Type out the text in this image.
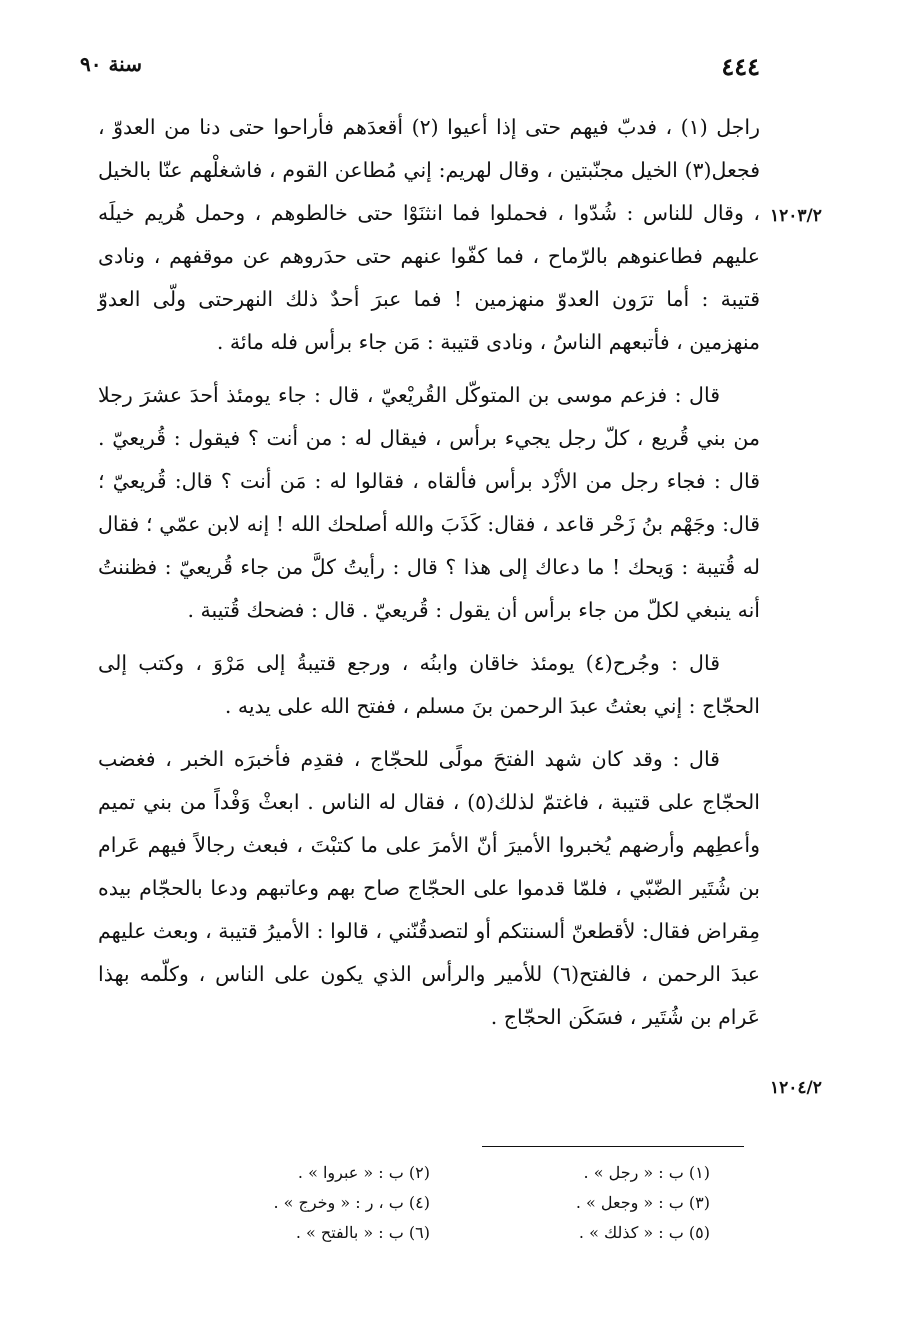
٤٤٤
سنة ٩٠

راجل (١) ، فدبّ فيهم حتى إذا أعيوا (٢) أقعدَهم فأراحوا حتى دنا من العدوّ ، فجعل(٣) الخيل مجنّبتين ، وقال لهريم: إني مُطاعن القوم ، فاشغلْهم عنّا بالخيل ، وقال للناس : شُدّوا ، فحملوا فما انثنَوْا حتى خالطوهم ، وحمل هُريم خيلَه عليهم فطاعنوهم بالرّماح ، فما كفّوا عنهم حتى حدَروهم عن موقفهم ، ونادى قتيبة : أما ترَون العدوّ منهزمين ! فما عبرَ أحدٌ ذلك النهرحتى ولّى العدوّ منهزمين ، فأتبعهم الناسُ ، ونادى قتيبة : مَن جاء برأس فله مائة .

قال : فزعم موسى بن المتوكّل القُريْعيّ ، قال : جاء يومئذ أحدَ عشرَ رجلا من بني قُريع ، كلّ رجل يجيء برأس ، فيقال له : من أنت ؟ فيقول : قُريعيّ . قال : فجاء رجل من الأزْد برأس فألقاه ، فقالوا له : مَن أنت ؟ قال: قُريعيّ ؛ قال: وجَهْم بنُ زَحْر قاعد ، فقال: كَذَبَ والله أصلحك الله ! إنه لابن عمّي ؛ فقال له قُتيبة : وَيحك ! ما دعاك إلى هذا ؟ قال : رأيتُ كلَّ من جاء قُريعيّ : فظننتُ أنه ينبغي لكلّ من جاء برأس أن يقول : قُريعيّ . قال : فضحك قُتيبة .

قال : وجُرح(٤) يومئذ خاقان وابنُه ، ورجع قتيبةُ إلى مَرْوَ ، وكتب إلى الحجّاج : إني بعثتُ عبدَ الرحمن بنَ مسلم ، ففتح الله على يديه .

قال : وقد كان شهد الفتحَ مولًى للحجّاج ، فقدِم فأخبرَه الخبر ، فغضب الحجّاج على قتيبة ، فاغتمّ لذلك(٥) ، فقال له الناس . ابعثْ وَفْداً من بني تميم وأعطِهم وأرضهم يُخبروا الأميرَ أنّ الأمرَ على ما كتبْتَ ، فبعث رجالاً فيهم عَرام بن شُتَير الضّبّي ، فلمّا قدموا على الحجّاج صاح بهم وعاتبهم ودعا بالحجّام بيده مِقراض فقال: لأقطعنّ ألسنتكم أو لتصدقُنّني ، قالوا : الأميرُ قتيبة ، وبعث عليهم عبدَ الرحمن ، فالفتح(٦) للأمير والرأس الذي يكون على الناس ، وكلّمه بهذا عَرام بن شُتَير ، فسَكَن الحجّاج .

١٢٠٣/٢
١٢٠٤/٢
(١) ب : « رجل » .
(٢) ب : « عبروا » .
(٣) ب : « وجعل » .
(٤) ب ، ر : « وخرج » .
(٥) ب : « كذلك » .
(٦) ب : « بالفتح » .
